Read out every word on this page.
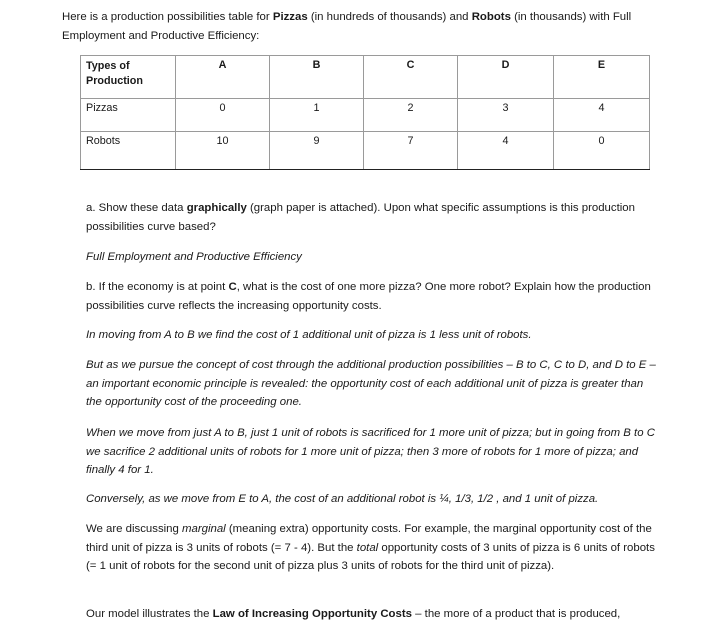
Here is a production possibilities table for Pizzas (in hundreds of thousands) and Robots (in thousands) with Full Employment and Productive Efficiency:

Types of Production	A	B	C	D	E
Pizzas	0	1	2	3	4
Robots	10	9	7	4	0

a. Show these data graphically (graph paper is attached). Upon what specific assumptions is this production possibilities curve based?

Full Employment and Productive Efficiency

b. If the economy is at point C, what is the cost of one more pizza? One more robot? Explain how the production possibilities curve reflects the increasing opportunity costs.

In moving from A to B we find the cost of 1 additional unit of pizza is 1 less unit of robots.

But as we pursue the concept of cost through the additional production possibilities – B to C, C to D, and D to E – an important economic principle is revealed: the opportunity cost of each additional unit of pizza is greater than the opportunity cost of the proceeding one.

When we move from just A to B, just 1 unit of robots is sacrificed for 1 more unit of pizza; but in going from B to C we sacrifice 2 additional units of robots for 1 more unit of pizza; then 3 more of robots for 1 more of pizza; and finally 4 for 1.

Conversely, as we move from E to A, the cost of an additional robot is ¼, 1/3, 1/2 , and 1 unit of pizza.

We are discussing marginal (meaning extra) opportunity costs. For example, the marginal opportunity cost of the third unit of pizza is 3 units of robots (= 7 - 4). But the total opportunity costs of 3 units of pizza is 6 units of robots (= 1 unit of robots for the second unit of pizza plus 3 units of robots for the third unit of pizza).

Our model illustrates the Law of Increasing Opportunity Costs – the more of a product that is produced,
